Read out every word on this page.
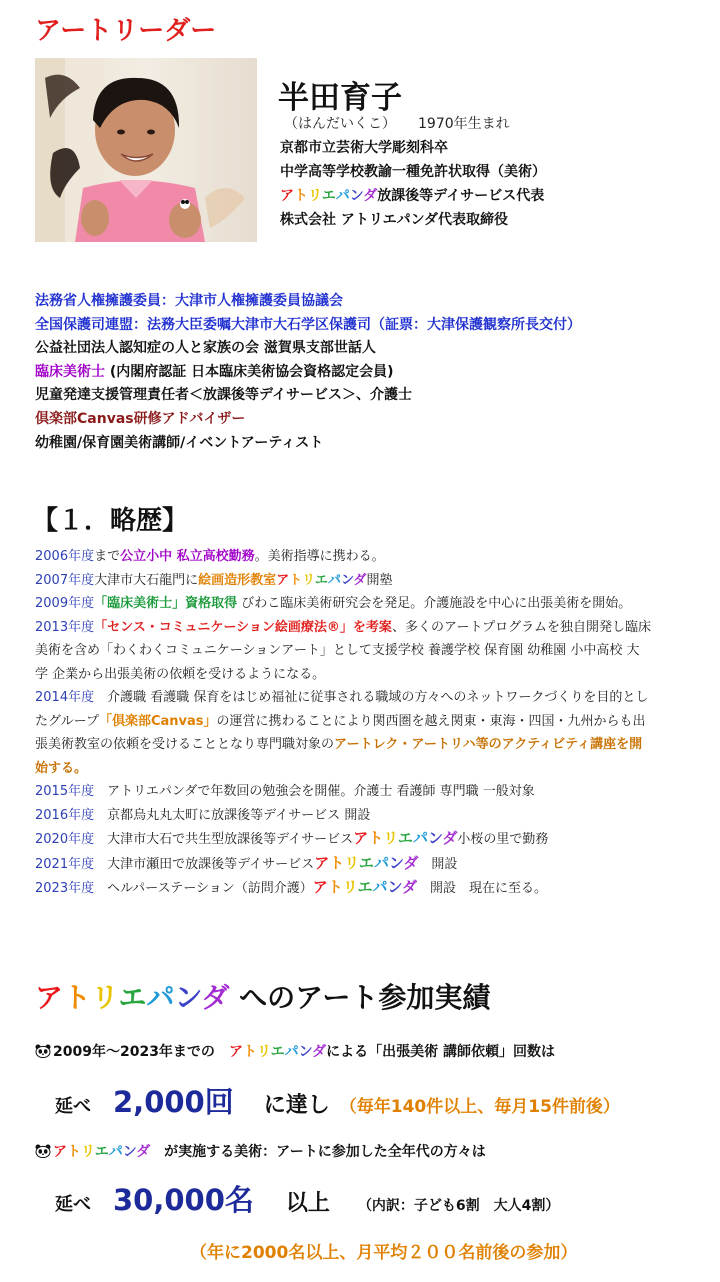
アートリーダー
半田育子
（はんだいくこ） 1970年生まれ
京都市立芸術大学彫刻科卒
中学高等学校教諭一種免許状取得（美術）
アトリエパンダ放課後等デイサービス代表
株式会社 アトリエパンダ代表取締役
法務省人権擁護委員：大津市人権擁護委員協議会
全国保護司連盟：法務大臣委嘱大津市大石学区保護司（証票：大津保護観察所長交付）
公益社団法人認知症の人と家族の会 滋賀県支部世話人
臨床美術士 (内閣府認証 日本臨床美術協会資格認定会員)
児童発達支援管理責任者＜放課後等デイサービス＞、介護士
倶楽部Canvas研修アドバイザー
幼稚園/保育園美術講師/イベントアーティスト
【１．略歴】
2006年度まで公立小中 私立高校勤務。美術指導に携わる。
2007年度大津市大石龍門に絵画造形教室アトリエパンダ開塾
2009年度「臨床美術士」資格取得 びわこ臨床美術研究会を発足。介護施設を中心に出張美術を開始。
2013年度「センス・コミュニケーション絵画療法®」を考案、多くのアートプログラムを独自開発し臨床
美術を含め「わくわくコミュニケーションアート」として支援学校 養護学校 保育園 幼稚園 小中高校 大
学 企業から出張美術の依頼を受けるようになる。
2014年度　介護職 看護職 保育をはじめ福祉に従事される職域の方々へのネットワークづくりを目的とし
たグループ「倶楽部Canvas」の運営に携わることにより関西圏を越え関東・東海・四国・九州からも出
張美術教室の依頼を受けることとなり専門職対象のアートレク・アートリハ等のアクティビティ講座を開
始する。
2015年度　アトリエパンダで年数回の勉強会を開催。介護士 看護師 専門職 一般対象
2016年度　京都烏丸丸太町に放課後等デイサービス 開設
2020年度　大津市大石で共生型放課後等デイサービスアトリエパンダ小桜の里で勤務
2021年度　大津市瀬田で放課後等デイサービスアトリエパンダ　開設
2023年度　ヘルパーステーション（訪問介護）アトリエパンダ　開設　現在に至る。
アトリエパンダ へのアート参加実績
2009年～2023年までの　アトリエパンダによる「出張美術 講師依頼」回数は
延べ 2,000回 に達し （毎年140件以上、毎月15件前後）
アトリエパンダ　が実施する美術：アートに参加した全年代の方々は
延べ 30,000名 以上 （内訳：子ども6割　大人4割）
（年に2000名以上、月平均２００名前後の参加）
